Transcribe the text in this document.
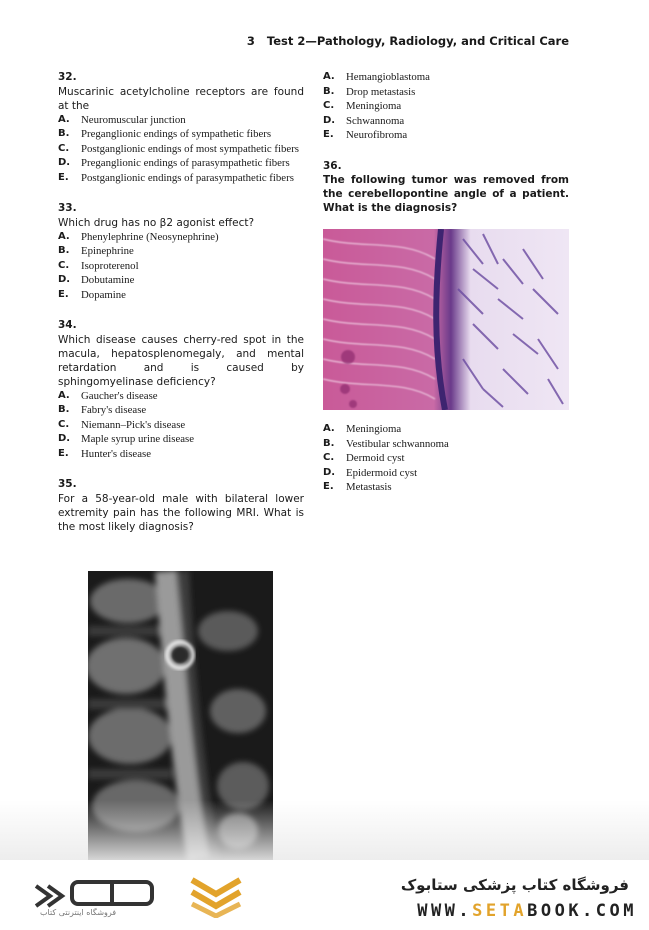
3 Test 2—Pathology, Radiology, and Critical Care
32.
Muscarinic acetylcholine receptors are found at the
A.	Neuromuscular junction
B.	Preganglionic endings of sympathetic fibers
C.	Postganglionic endings of most sympathetic fibers
D.	Preganglionic endings of parasympathetic fibers
E.	Postganglionic endings of parasympathetic fibers
33.
Which drug has no β2 agonist effect?
A.	Phenylephrine (Neosynephrine)
B.	Epinephrine
C.	Isoproterenol
D.	Dobutamine
E.	Dopamine
34.
Which disease causes cherry-red spot in the macula, hepatosplenomegaly, and mental retardation and is caused by sphingomyelinase deficiency?
A.	Gaucher's disease
B.	Fabry's disease
C.	Niemann–Pick's disease
D.	Maple syrup urine disease
E.	Hunter's disease
35.
For a 58-year-old male with bilateral lower extremity pain has the following MRI. What is the most likely diagnosis?
A.	Hemangioblastoma
B.	Drop metastasis
C.	Meningioma
D.	Schwannoma
E.	Neurofibroma
36.
The following tumor was removed from the cerebellopontine angle of a patient. What is the diagnosis?
A.	Meningioma
B.	Vestibular schwannoma
C.	Dermoid cyst
D.	Epidermoid cyst
E.	Metastasis
فروشگاه اینترنتی کتاب
فروشگاه کتاب پزشکی ستابوک
WWW.SETABOOK.COM
